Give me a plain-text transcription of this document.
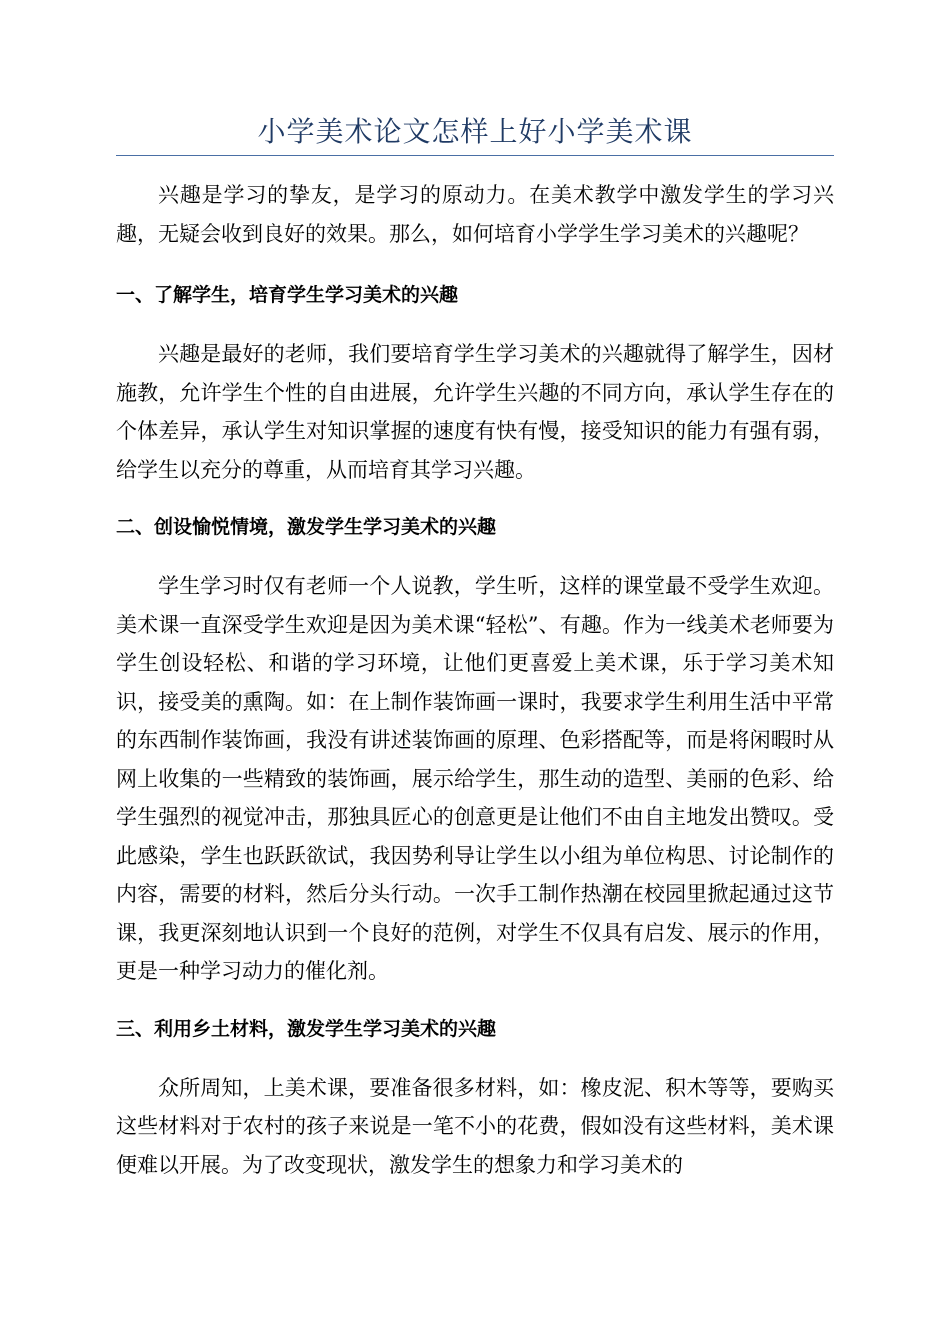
小学美术论文怎样上好小学美术课

兴趣是学习的挚友，是学习的原动力。在美术教学中激发学生的学习兴趣，无疑会收到良好的效果。那么，如何培育小学学生学习美术的兴趣呢？

一、了解学生，培育学生学习美术的兴趣

兴趣是最好的老师，我们要培育学生学习美术的兴趣就得了解学生，因材施教，允许学生个性的自由进展，允许学生兴趣的不同方向，承认学生存在的个体差异，承认学生对知识掌握的速度有快有慢，接受知识的能力有强有弱，给学生以充分的尊重，从而培育其学习兴趣。

二、创设愉悦情境，激发学生学习美术的兴趣

学生学习时仅有老师一个人说教，学生听，这样的课堂最不受学生欢迎。美术课一直深受学生欢迎是因为美术课“轻松”、有趣。作为一线美术老师要为学生创设轻松、和谐的学习环境，让他们更喜爱上美术课，乐于学习美术知识，接受美的熏陶。如：在上制作装饰画一课时，我要求学生利用生活中平常的东西制作装饰画，我没有讲述装饰画的原理、色彩搭配等，而是将闲暇时从网上收集的一些精致的装饰画，展示给学生，那生动的造型、美丽的色彩、给学生强烈的视觉冲击，那独具匠心的创意更是让他们不由自主地发出赞叹。受此感染，学生也跃跃欲试，我因势利导让学生以小组为单位构思、讨论制作的内容，需要的材料，然后分头行动。一次手工制作热潮在校园里掀起通过这节课，我更深刻地认识到一个良好的范例，对学生不仅具有启发、展示的作用，更是一种学习动力的催化剂。

三、利用乡土材料，激发学生学习美术的兴趣

众所周知，上美术课，要准备很多材料，如：橡皮泥、积木等等，要购买这些材料对于农村的孩子来说是一笔不小的花费，假如没有这些材料，美术课便难以开展。为了改变现状，激发学生的想象力和学习美术的
